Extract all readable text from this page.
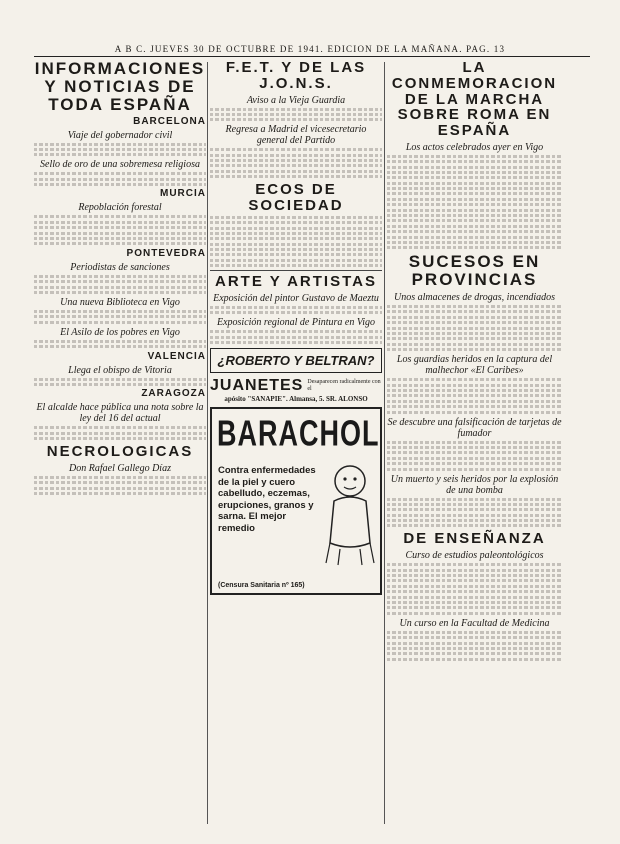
A B C. JUEVES 30 DE OCTUBRE DE 1941. EDICION DE LA MAÑANA. PAG. 13
INFORMACIONES Y NOTICIAS DE TODA ESPAÑA
BARCELONA
Viaje del gobernador civil
Sello de oro de una sobremesa religiosa
MURCIA
Repoblación forestal
PONTEVEDRA
Periodistas de sanciones
Una nueva Biblioteca en Vigo
El Asilo de los pobres en Vigo
VALENCIA
Llega el obispo de Vitoria
ZARAGOZA
El alcalde hace pública una nota sobre la ley del 16 del actual
NECROLOGICAS
Don Rafael Gallego Díaz
F.E.T. Y DE LAS J.O.N.S.
Aviso a la Vieja Guardia
Regresa a Madrid el vicesecretario general del Partido
ECOS DE SOCIEDAD
ARTE Y ARTISTAS
Exposición del pintor Gustavo de Maeztu
Exposición regional de Pintura en Vigo
¿ROBERTO Y BELTRAN?
JUANETES Desaparecen radicalmente con el
apósito "SANAPIE". Almansa, 5. SR. ALONSO
BARACHOL
Contra enfermedades de la piel y cuero cabelludo, eczemas, erupciones, granos y sarna. El mejor remedio
(Censura Sanitaria nº 165)
LA CONMEMORACION DE LA MARCHA SOBRE ROMA EN ESPAÑA
Los actos celebrados ayer en Vigo
SUCESOS EN PROVINCIAS
Unos almacenes de drogas, incendiados
Los guardias heridos en la captura del malhechor «El Caribes»
Se descubre una falsificación de tarjetas de fumador
Un muerto y seis heridos por la explosión de una bomba
DE ENSEÑANZA
Curso de estudios paleontológicos
Un curso en la Facultad de Medicina
